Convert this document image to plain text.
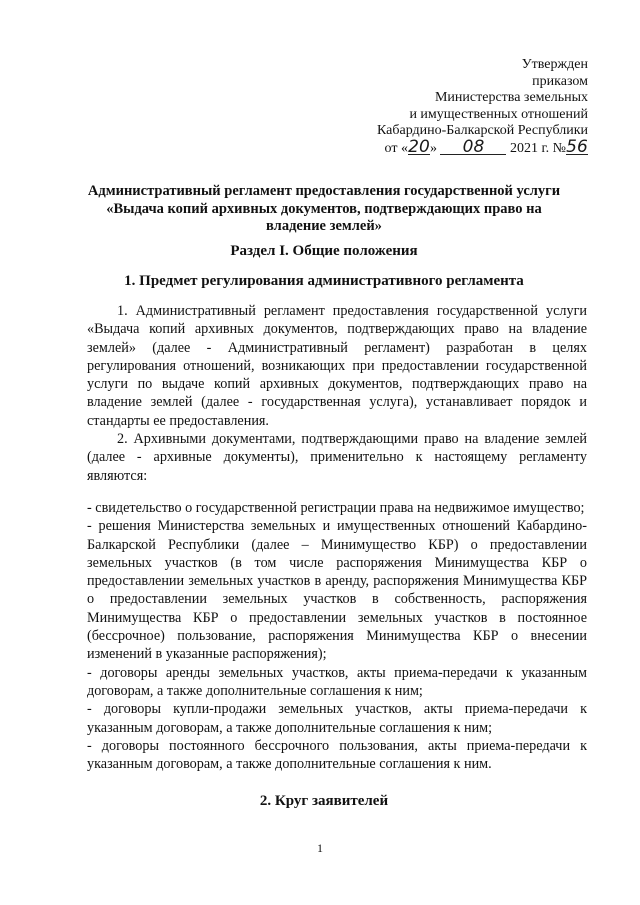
Утвержден
приказом
Министерства земельных
и имущественных отношений
Кабардино-Балкарской Республики
от «20» 08 2021 г. №56
Административный регламент предоставления государственной услуги «Выдача копий архивных документов, подтверждающих право на владение землей»
Раздел I. Общие положения
1. Предмет регулирования административного регламента

1. Административный регламент предоставления государственной услуги «Выдача копий архивных документов, подтверждающих право на владение землей» (далее - Административный регламент) разработан в целях регулирования отношений, возникающих при предоставлении государственной услуги по выдаче копий архивных документов, подтверждающих право на владение землей (далее - государственная услуга), устанавливает порядок и стандарты ее предоставления.

2. Архивными документами, подтверждающими право на владение землей (далее - архивные документы), применительно к настоящему регламенту являются:

- свидетельство о государственной регистрации права на недвижимое имущество;

- решения Министерства земельных и имущественных отношений Кабардино-Балкарской Республики (далее – Минимущество КБР) о предоставлении земельных участков (в том числе распоряжения Минимущества КБР о предоставлении земельных участков в аренду, распоряжения Минимущества КБР о предоставлении земельных участков в собственность, распоряжения Минимущества КБР о предоставлении земельных участков в постоянное (бессрочное) пользование, распоряжения Минимущества КБР о внесении изменений в указанные распоряжения);

- договоры аренды земельных участков, акты приема-передачи к указанным договорам, а также дополнительные соглашения к ним;

- договоры купли-продажи земельных участков, акты приема-передачи к указанным договорам, а также дополнительные соглашения к ним;

- договоры постоянного бессрочного пользования, акты приема-передачи к указанным договорам, а также дополнительные соглашения к ним.

2. Круг заявителей
1
